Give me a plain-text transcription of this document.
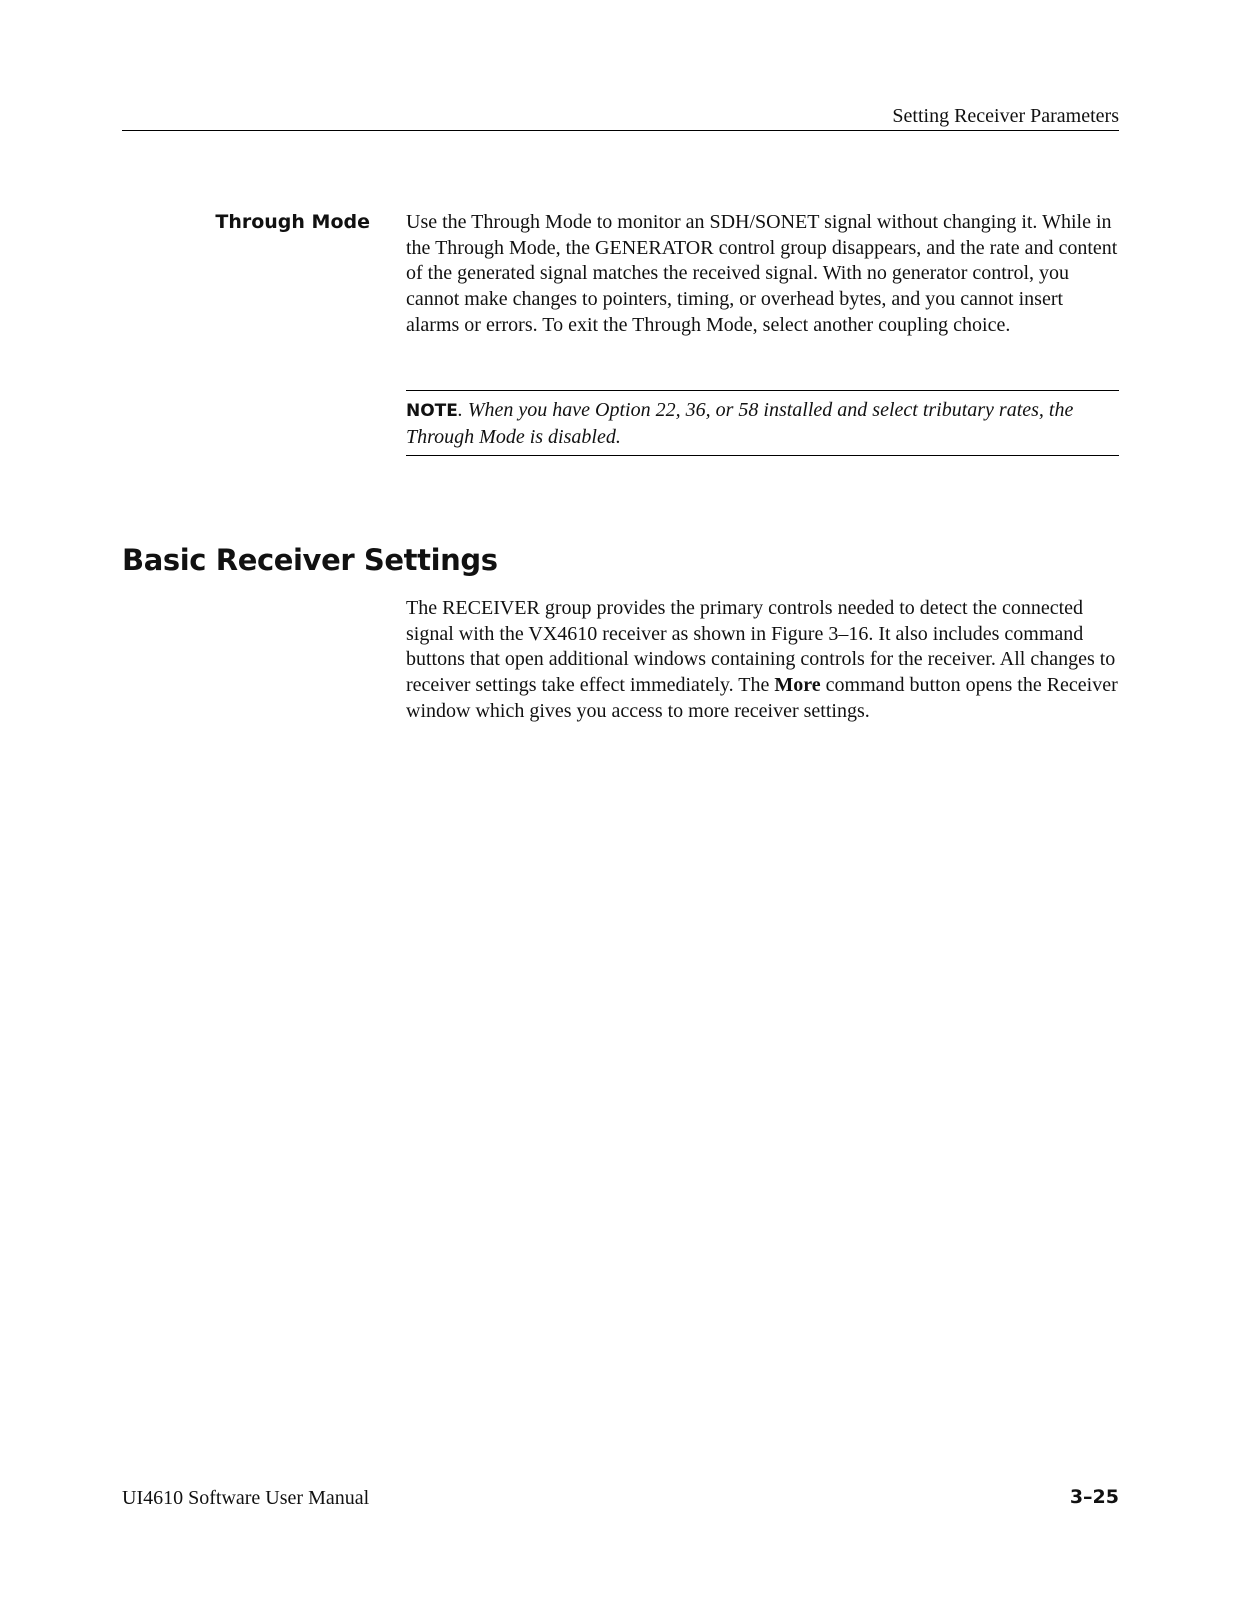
Setting Receiver Parameters
Through Mode Use the Through Mode to monitor an SDH/SONET signal without changing it. While in the Through Mode, the GENERATOR control group disappears, and the rate and content of the generated signal matches the received signal. With no generator control, you cannot make changes to pointers, timing, or overhead bytes, and you cannot insert alarms or errors. To exit the Through Mode, select another coupling choice.

NOTE. When you have Option 22, 36, or 58 installed and select tributary rates, the Through Mode is disabled.
Basic Receiver Settings

The RECEIVER group provides the primary controls needed to detect the connected signal with the VX4610 receiver as shown in Figure 3–16. It also includes command buttons that open additional windows containing controls for the receiver. All changes to receiver settings take effect immediately. The More command button opens the Receiver window which gives you access to more receiver settings.

UI4610 Software User Manual	3–25
